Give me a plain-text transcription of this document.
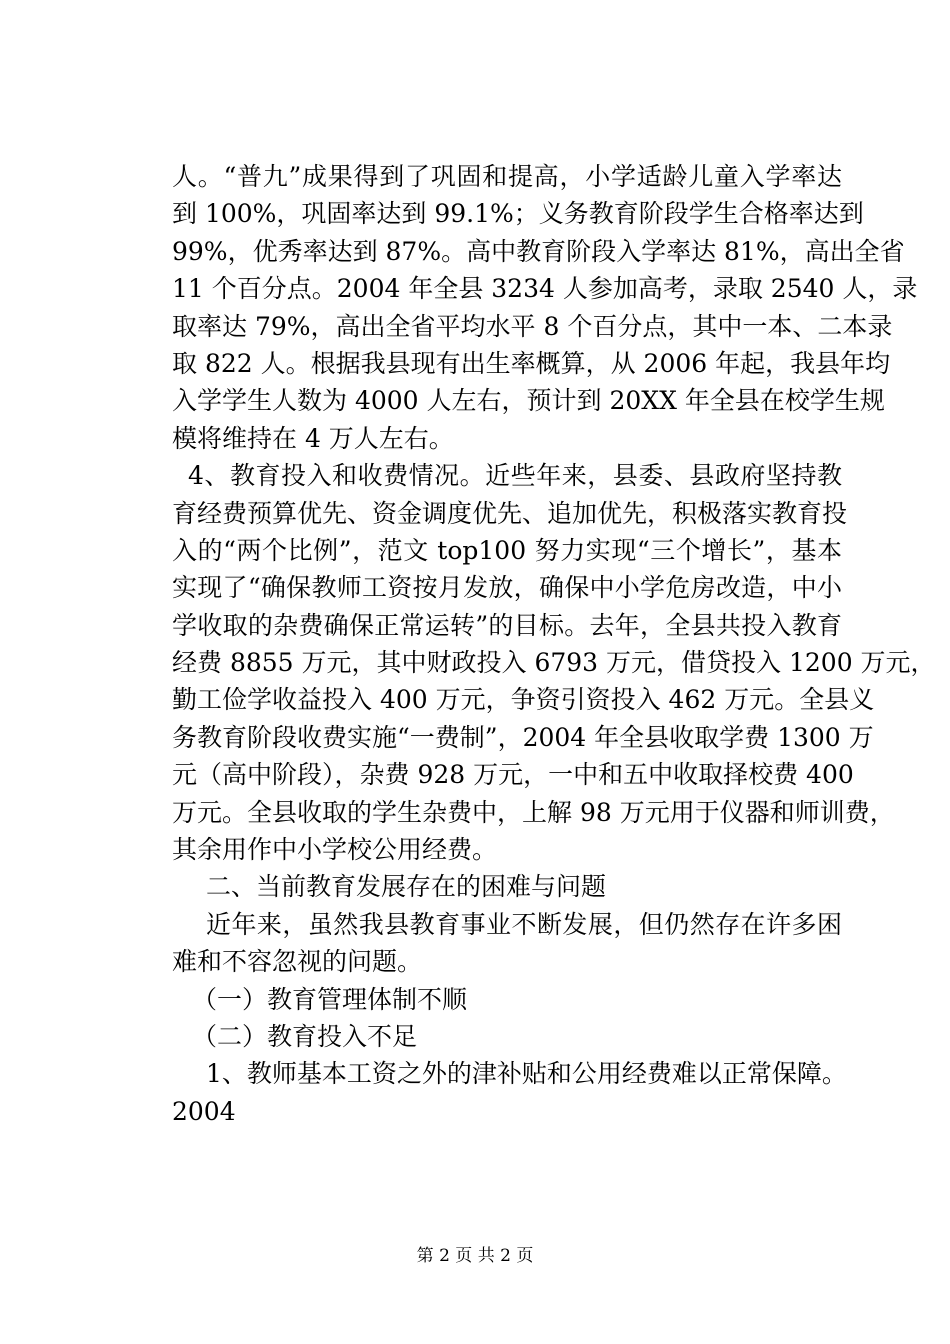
人。“普九”成果得到了巩固和提高，小学适龄儿童入学率达
到 100%，巩固率达到 99.1%；义务教育阶段学生合格率达到
99%，优秀率达到 87%。高中教育阶段入学率达 81%，高出全省
11 个百分点。2004 年全县 3234 人参加高考，录取 2540 人，录
取率达 79%，高出全省平均水平 8 个百分点，其中一本、二本录
取 822 人。根据我县现有出生率概算，从 2006 年起，我县年均
入学学生人数为 4000 人左右，预计到 20XX 年全县在校学生规
模将维持在 4 万人左右。
4、教育投入和收费情况。近些年来，县委、县政府坚持教
育经费预算优先、资金调度优先、追加优先，积极落实教育投
入的“两个比例”，范文 top100 努力实现“三个增长”，基本
实现了“确保教师工资按月发放，确保中小学危房改造，中小
学收取的杂费确保正常运转”的目标。去年，全县共投入教育
经费 8855 万元，其中财政投入 6793 万元，借贷投入 1200 万元，
勤工俭学收益投入 400 万元，争资引资投入 462 万元。全县义
务教育阶段收费实施“一费制”，2004 年全县收取学费 1300 万
元（高中阶段），杂费 928 万元，一中和五中收取择校费 400
万元。全县收取的学生杂费中，上解 98 万元用于仪器和师训费，
其余用作中小学校公用经费。
二、当前教育发展存在的困难与问题
近年来，虽然我县教育事业不断发展，但仍然存在许多困
难和不容忽视的问题。
（一）教育管理体制不顺
（二）教育投入不足
1、教师基本工资之外的津补贴和公用经费难以正常保障。
2004
第 2 页 共 2 页
